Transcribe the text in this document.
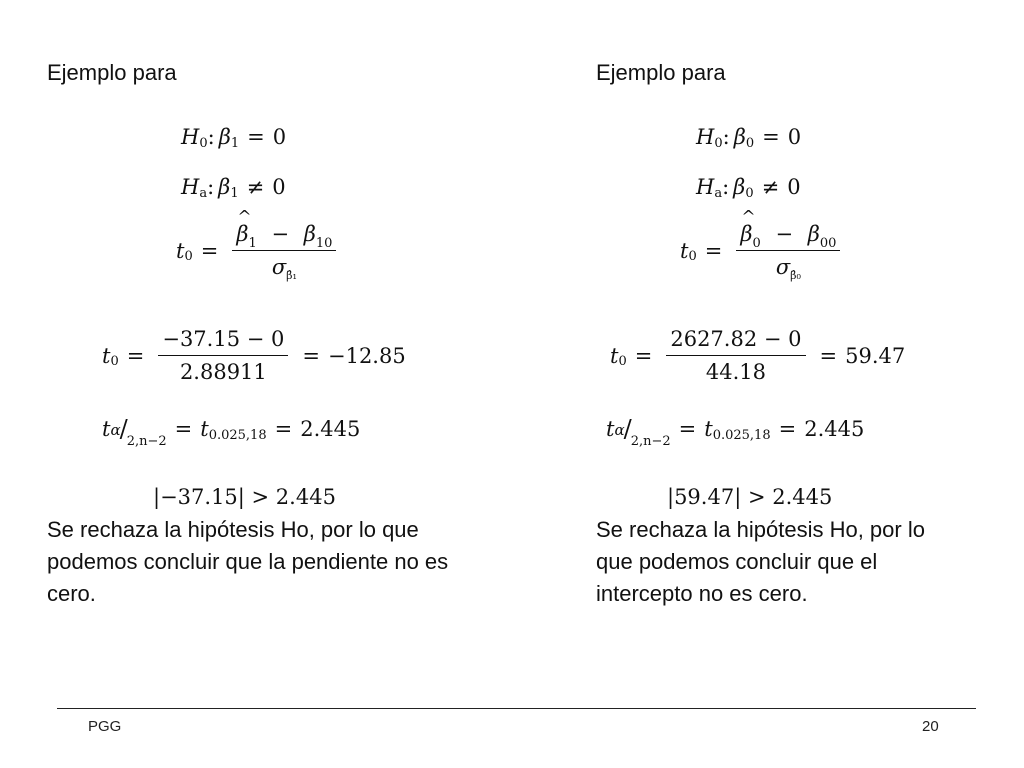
Ejemplo para
H 0 : β 1 = 0
H a : β 1 ≠ 0
t 0 = β
^
$_1 - \beta_{10}$
$\sigma_{\betâ_1}$
t $0 = \frac{-37.15 - 0}{2.88911} = -12.85$
t α / 2,n−2
= t 0.025,18 = 2.445
|−37.15| > 2.445
Se rechaza la hipótesis Ho, por lo que podemos concluir que la pendiente no es cero.
Ejemplo para
H 0 : β 0 = 0
H a : β 0 ≠ 0
t 0 = β
^
$_0 - \beta_{00}$
$\sigma_{\betâ_0}$
t $0 = \frac{2627.82 - 0}{44.18} = 59.47$
t α / 2,n−2
= t 0.025,18 = 2.445
|59.47| > 2.445
Se rechaza la hipótesis Ho, por lo que podemos concluir que el intercepto no es cero.
PGG	20
